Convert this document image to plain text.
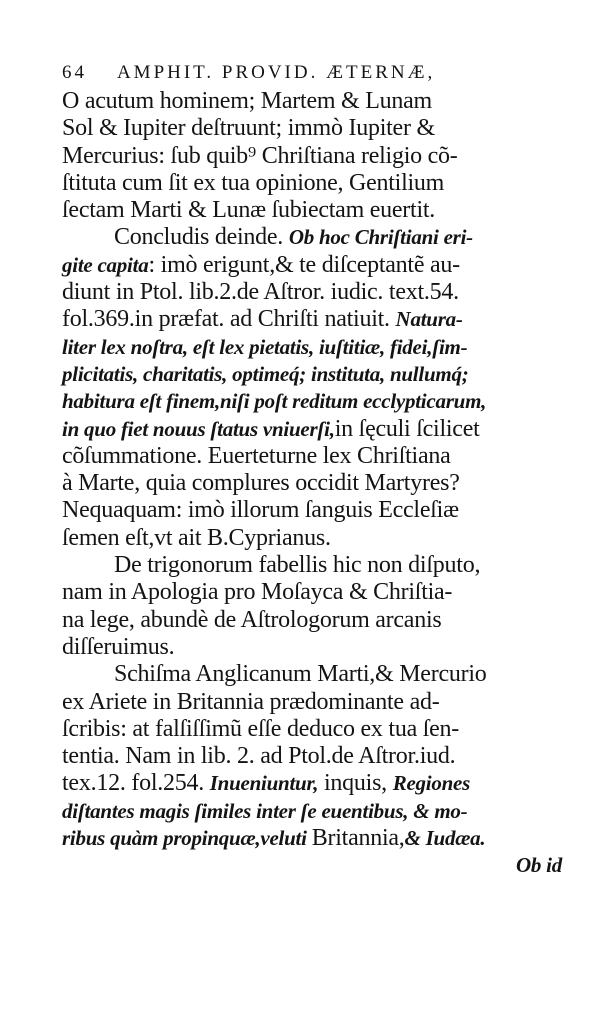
64 AMPHIT. PROVID. ÆTERNÆ,
O acutum hominem; Martem & Lunam
Sol & Iupiter deſtruunt; immò Iupiter &
Mercurius: ſub quib⁹ Chriſtiana religio cõ-
ſtituta cum ſit ex tua opinione, Gentilium
ſectam Marti & Lunæ ſubiectam euertit.
Concludis deinde. Ob hoc Chriſtiani eri-
gite capita: imò erigunt,& te diſceptantẽ au-
diunt in Ptol. lib.2.de Aſtror. iudic. text.54.
fol.369.in præfat. ad Chriſti natiuit. Natura-
liter lex noſtra, eſt lex pietatis, iuſtitiæ, fidei,ſim-
plicitatis, charitatis, optimeq́; instituta, nullumq́;
habitura eſt finem,niſi poſt reditum ecclypticarum,
in quo fiet nouus ſtatus vniuerſi,in ſęculi ſcilicet
cõſummatione. Euerteturne lex Chriſtiana
à Marte, quia complures occidit Martyres?
Nequaquam: imò illorum ſanguis Eccleſiæ
ſemen eſt,vt ait B.Cyprianus.
De trigonorum fabellis hic non diſputo,
nam in Apologia pro Moſayca & Chriſtia-
na lege, abundè de Aſtrologorum arcanis
diſſeruimus.
Schiſma Anglicanum Marti,& Mercurio
ex Ariete in Britannia prædominante ad-
ſcribis: at falſiſſimũ eſſe deduco ex tua ſen-
tentia. Nam in lib. 2. ad Ptol.de Aſtror.iud.
tex.12. fol.254. Inueniuntur, inquis, Regiones
diſtantes magis ſimiles inter ſe euentibus, & mo-
ribus quàm propinquæ,veluti Britannia,& Iudæa.
Ob id
